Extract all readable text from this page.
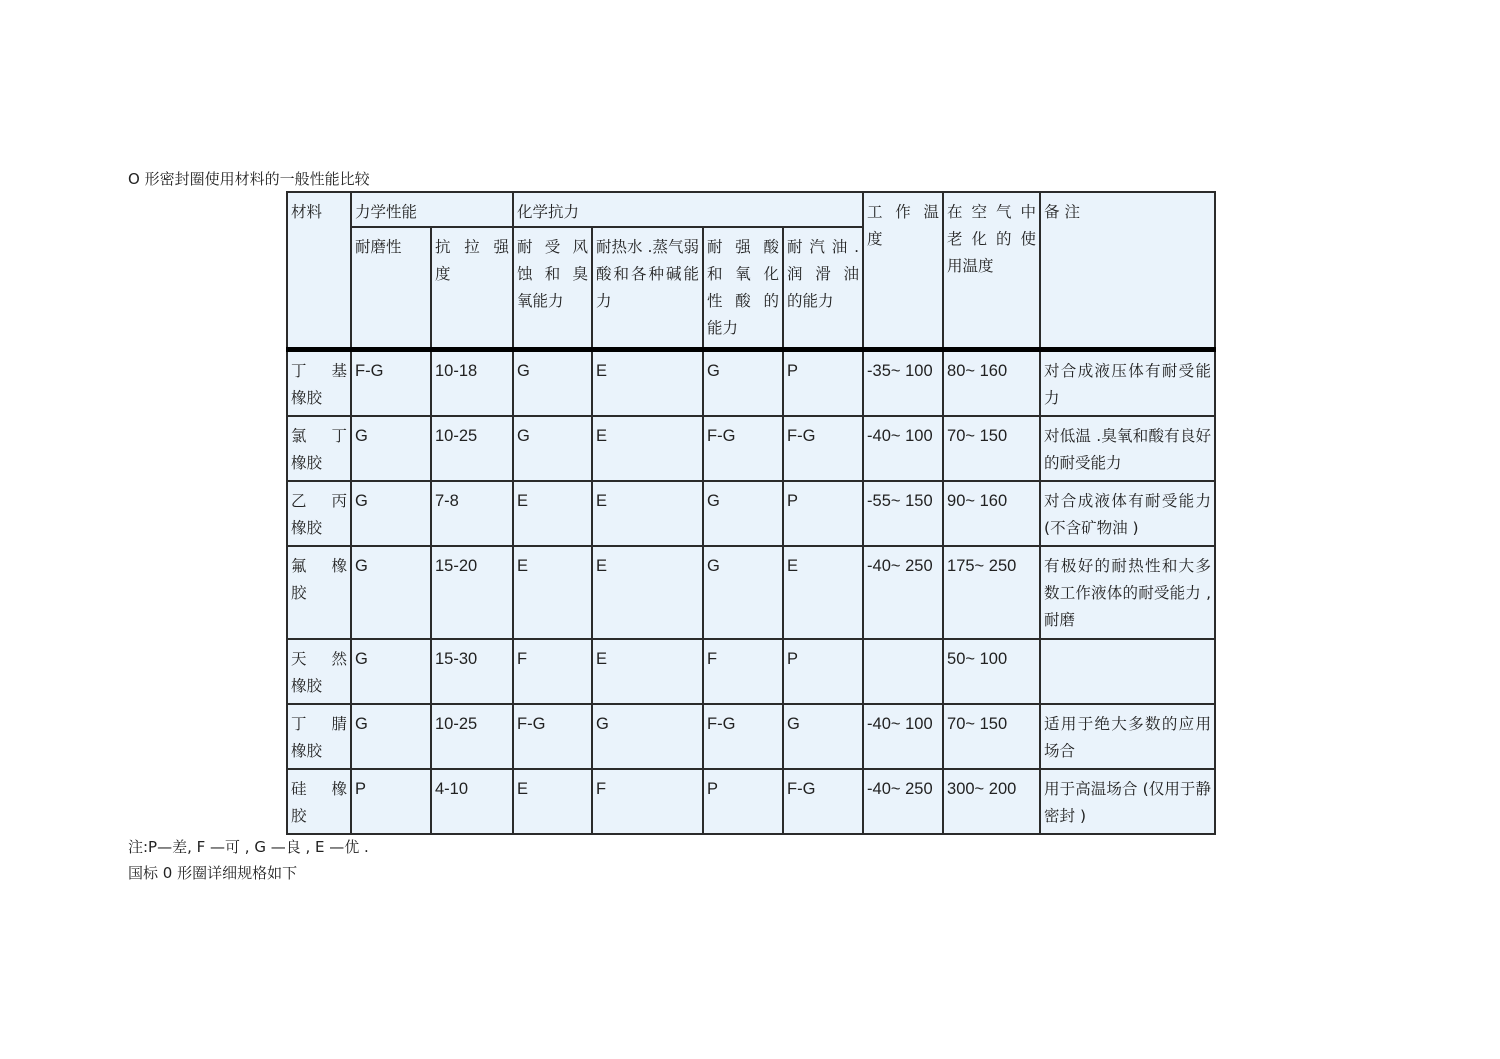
O 形密封圈使用材料的一般性能比较
材料	力学性能		化学抗力				工 作 温 度	在 空 气 中 老 化 的 使 用温度	备 注
	耐磨性	抗 拉 强 度	耐 受 风 蚀 和 臭 氧能力	耐热水 .蒸气弱酸和各种碱能力	耐 强 酸 和 氧 化 性 酸 的 能力	耐 汽 油 . 润 滑 油 的能力			
丁 基 橡胶	F-G	10-18	G	E	G	P	-35~ 100	80~ 160	对合成液压体有耐受能力
氯 丁 橡胶	G	10-25	G	E	F-G	F-G	-40~ 100	70~ 150	对低温 .臭氧和酸有良好的耐受能力
乙 丙 橡胶	G	7-8	E	E	G	P	-55~ 150	90~ 160	对合成液体有耐受能力 (不含矿物油 )
氟 橡 胶	G	15-20	E	E	G	E	-40~ 250	175~ 250	有极好的耐热性和大多数工作液体的耐受能力 ,耐磨
天 然 橡胶	G	15-30	F	E	F	P		50~ 100	
丁 腈 橡胶	G	10-25	F-G	G	F-G	G	-40~ 100	70~ 150	适用于绝大多数的应用场合
硅 橡 胶	P	4-10	E	F	P	F-G	-40~ 250	300~ 200	用于高温场合 (仅用于静密封 )
注:P—差, F —可 , G —良 , E —优 .
国标 0 形圈详细规格如下
